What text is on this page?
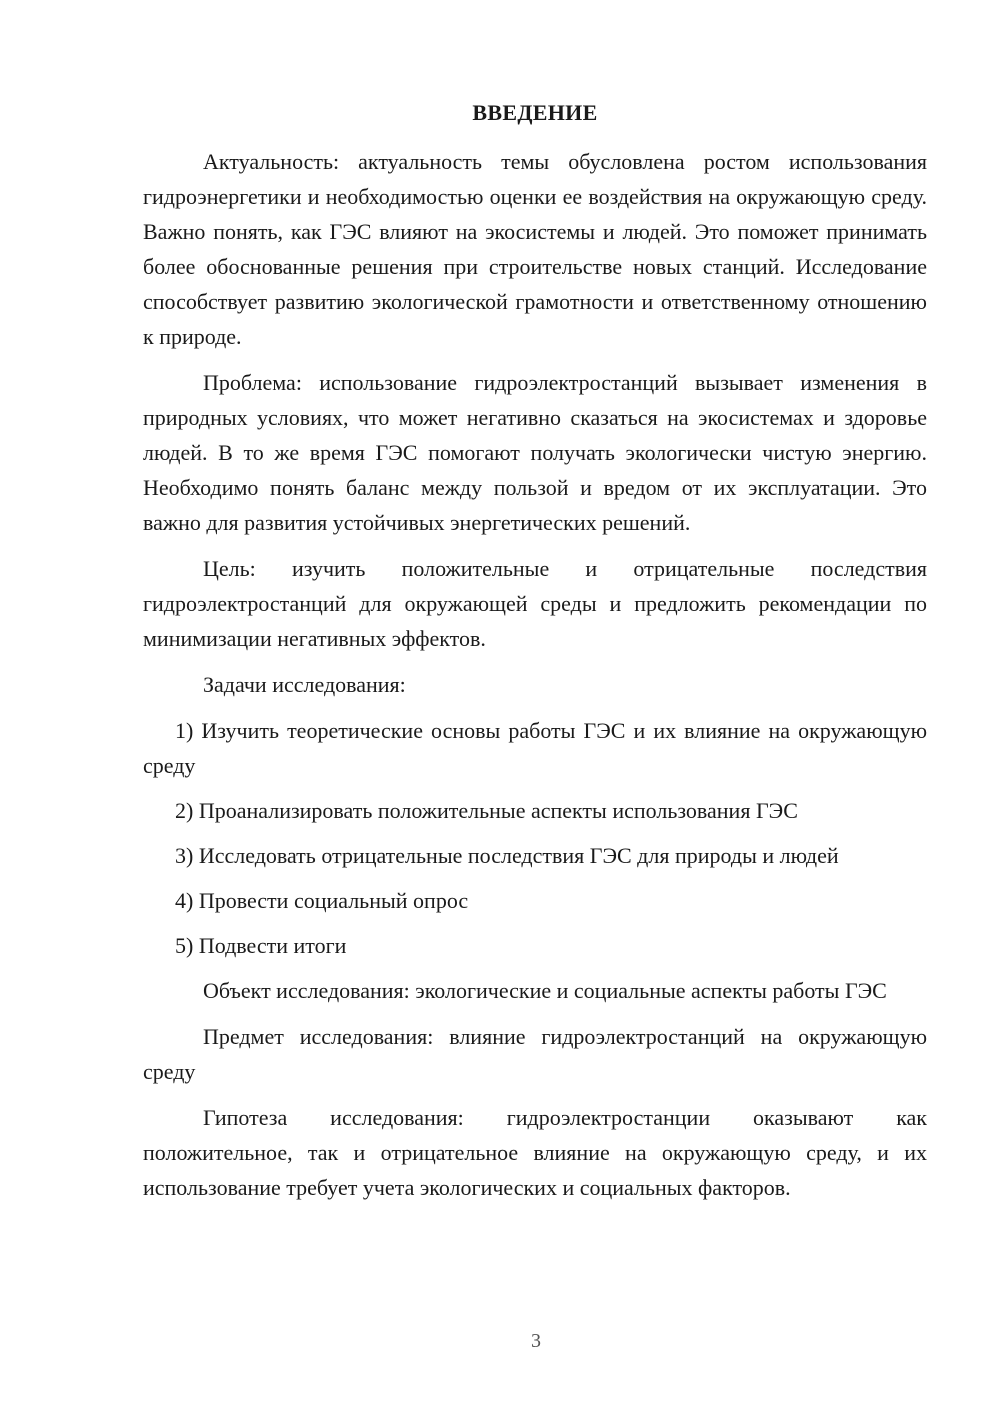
ВВЕДЕНИЕ

Актуальность: актуальность темы обусловлена ростом использования гидроэнергетики и необходимостью оценки ее воздействия на окружающую среду. Важно понять, как ГЭС влияют на экосистемы и людей. Это поможет принимать более обоснованные решения при строительстве новых станций. Исследование способствует развитию экологической грамотности и ответственному отношению к природе.

Проблема: использование гидроэлектростанций вызывает изменения в природных условиях, что может негативно сказаться на экосистемах и здоровье людей. В то же время ГЭС помогают получать экологически чистую энергию. Необходимо понять баланс между пользой и вредом от их эксплуатации. Это важно для развития устойчивых энергетических решений.

Цель: изучить положительные и отрицательные последствия гидроэлектростанций для окружающей среды и предложить рекомендации по минимизации негативных эффектов.

Задачи исследования:

1) Изучить теоретические основы работы ГЭС и их влияние на окружающую среду

2) Проанализировать положительные аспекты использования ГЭС

3) Исследовать отрицательные последствия ГЭС для природы и людей

4) Провести социальный опрос

5) Подвести итоги

Объект исследования: экологические и социальные аспекты работы ГЭС

Предмет исследования: влияние гидроэлектростанций на окружающую среду

Гипотеза исследования: гидроэлектростанции оказывают как положительное, так и отрицательное влияние на окружающую среду, и их использование требует учета экологических и социальных факторов.

3
